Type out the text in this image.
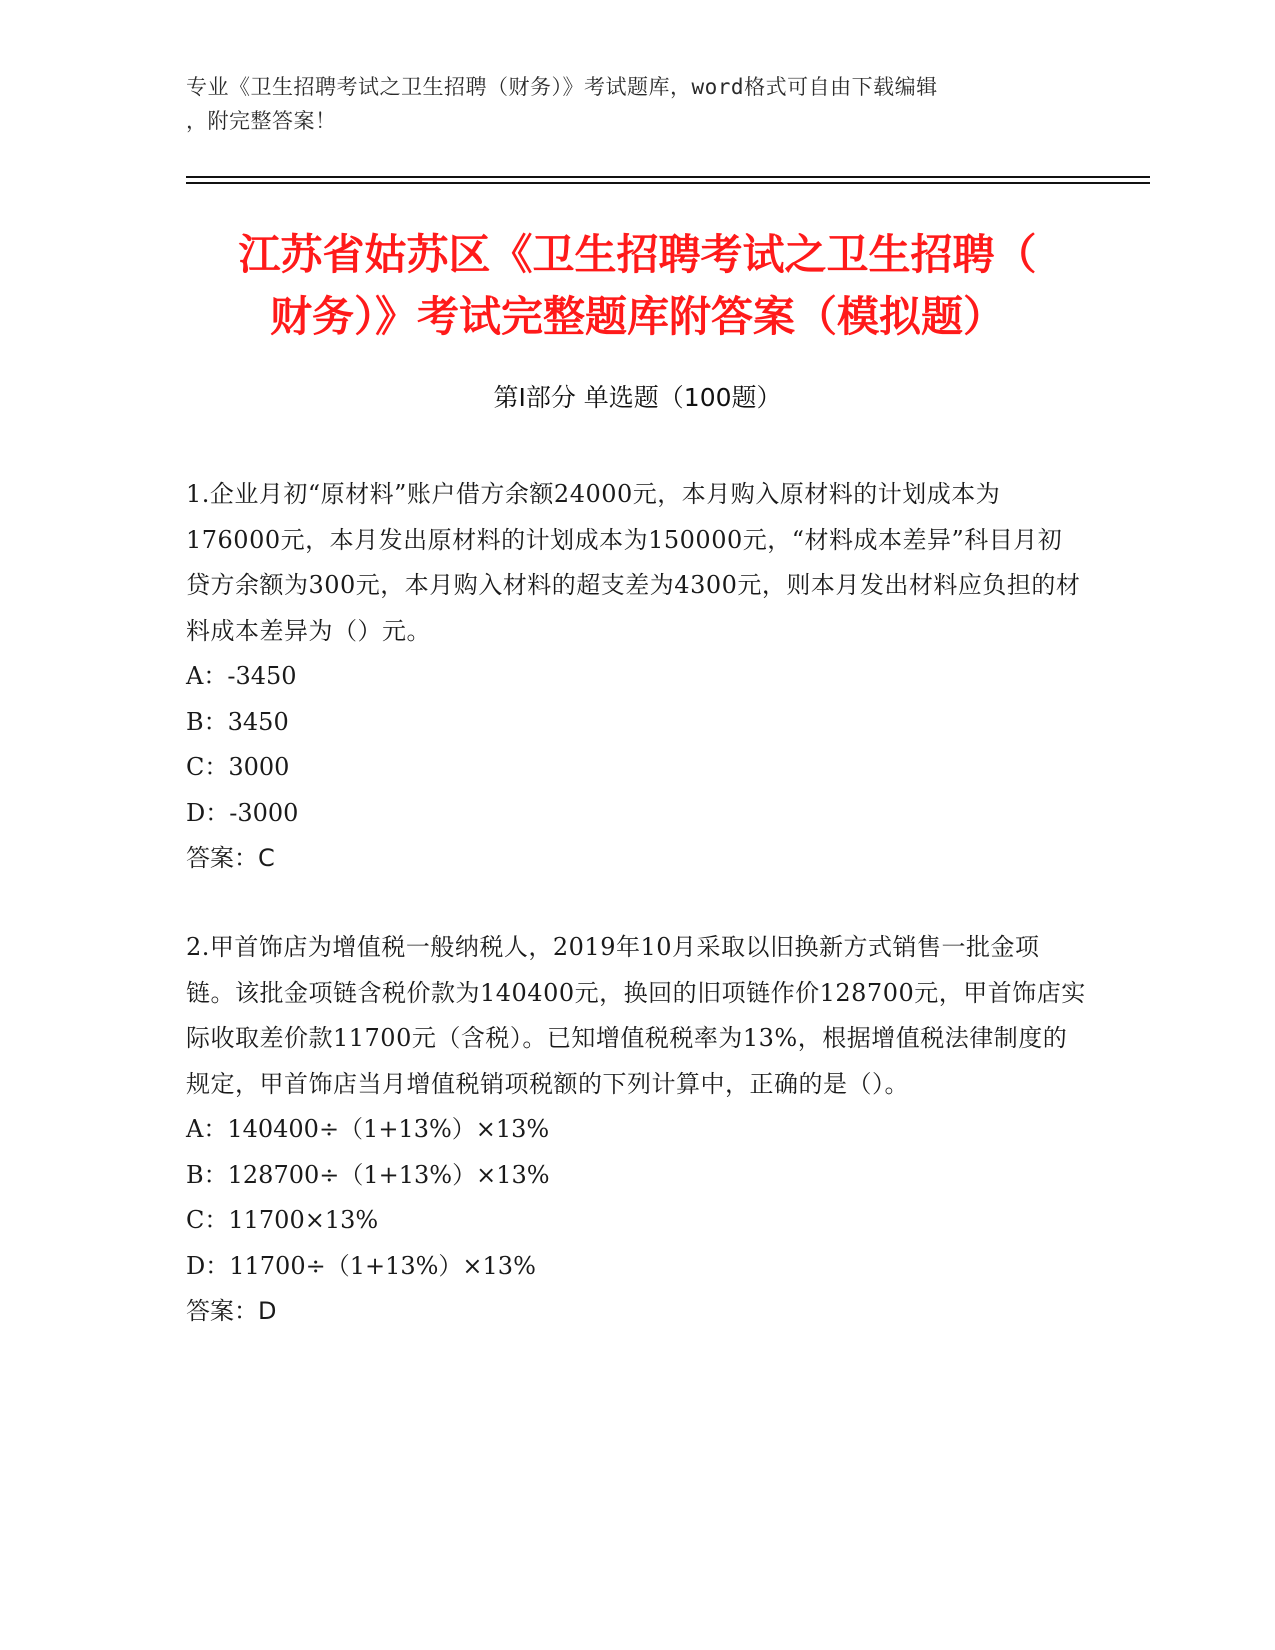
专业《卫生招聘考试之卫生招聘（财务）》考试题库，word格式可自由下载编辑
，附完整答案！
江苏省姑苏区《卫生招聘考试之卫生招聘（
财务）》考试完整题库附答案（模拟题）
第Ⅰ部分 单选题（100题）

1.企业月初“原材料”账户借方余额24000元，本月购入原材料的计划成本为176000元，本月发出原材料的计划成本为150000元，“材料成本差异”科目月初贷方余额为300元，本月购入材料的超支差为4300元，则本月发出材料应负担的材料成本差异为（）元。

A：-3450

B：3450

C：3000

D：-3000

答案：C

2.甲首饰店为增值税一般纳税人，2019年10月采取以旧换新方式销售一批金项链。该批金项链含税价款为140400元，换回的旧项链作价128700元，甲首饰店实际收取差价款11700元（含税）。已知增值税税率为13%，根据增值税法律制度的规定，甲首饰店当月增值税销项税额的下列计算中，正确的是（）。

A：140400÷（1+13%）×13%

B：128700÷（1+13%）×13%

C：11700×13%

D：11700÷（1+13%）×13%

答案：D
